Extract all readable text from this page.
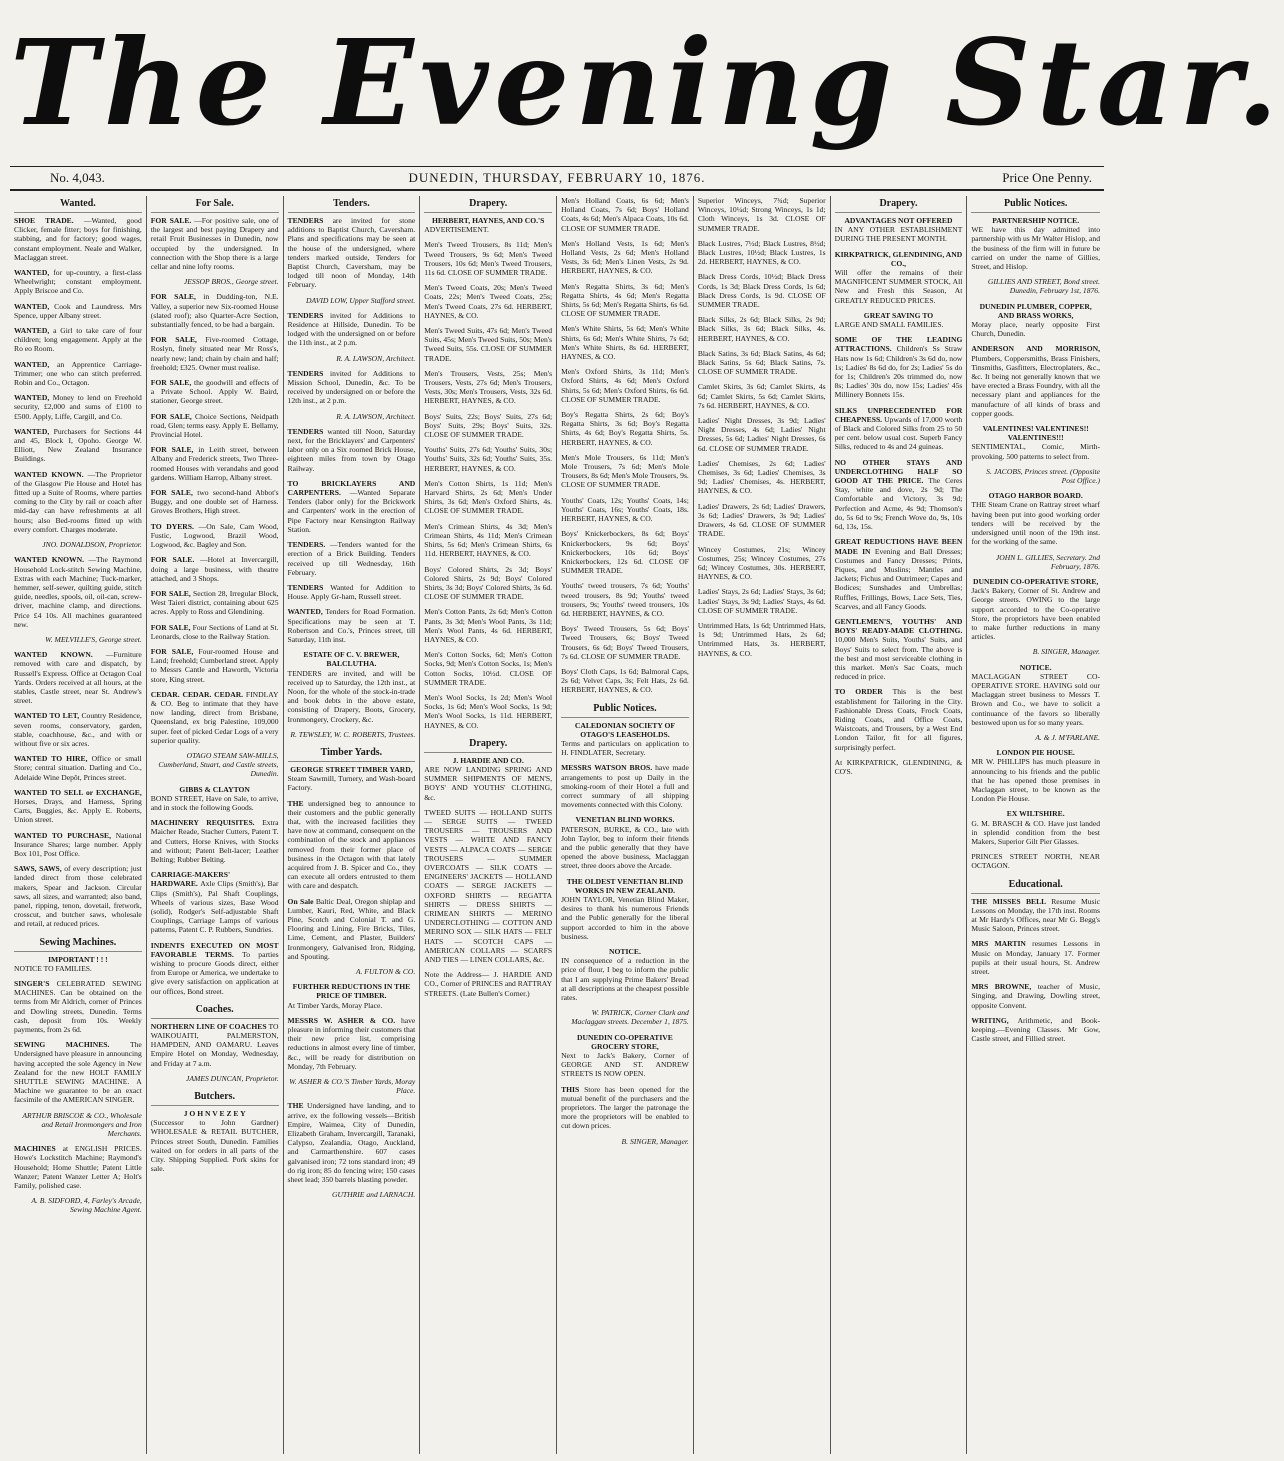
The Evening Star.
No. 4,043.	DUNEDIN, THURSDAY, FEBRUARY 10, 1876.	Price One Penny.
Wanted.
SHOE TRADE. —Wanted, good Clicker, female fitter; boys for finishing, stabbing, and for factory; good wages, constant employment. Neale and Walker, Maclaggan street.
WANTED, for up-country, a first-class Wheelwright; constant employment. Apply Briscoe and Co.
WANTED, Cook and Laundress. Mrs Spence, upper Albany street.
WANTED, a Girl to take care of four children; long engagement. Apply at the Ro eo Room.
WANTED, an Apprentice Carriage-Trimmer; one who can stitch preferred. Robin and Co., Octagon.
WANTED, Money to lend on Freehold security, £2,000 and sums of £100 to £500. Apply, Liffe, Cargill, and Co.
WANTED, Purchasers for Sections 44 and 45, Block I, Opoho. George W. Elliott, New Zealand Insurance Buildings.
WANTED KNOWN. —The Proprietor of the Glasgow Pie House and Hotel has fitted up a Suite of Rooms, where parties coming to the City by rail or coach after mid-day can have refreshments at all hours; also Bed-rooms fitted up with every comfort. Charges moderate.
JNO. DONALDSON, Proprietor.
WANTED KNOWN. —The Raymond Household Lock-stitch Sewing Machine, Extras with each Machine; Tuck-marker, hemmer, self-sewer, quilting guide, stitch guide, needles, spools, oil, oil-can, screw-driver, machine clamp, and directions. Price £4 10s. All machines guaranteed new.
W. MELVILLE'S, George street.
WANTED KNOWN. —Furniture removed with care and dispatch, by Russell's Express. Office at Octagon Coal Yards. Orders received at all hours, at the stables, Castle street, near St. Andrew's street.
WANTED TO LET, Country Residence, seven rooms, conservatory, garden, stable, coachhouse, &c., and with or without five or six acres.
WANTED TO HIRE, Office or small Store; central situation. Darling and Co., Adelaide Wine Depôt, Princes street.
WANTED TO SELL or EXCHANGE, Horses, Drays, and Harness, Spring Carts, Buggies, &c. Apply E. Roberts, Union street.
WANTED TO PURCHASE, National Insurance Shares; large number. Apply Box 101, Post Office.
SAWS, SAWS, of every description; just landed direct from those celebrated makers, Spear and Jackson. Circular saws, all sizes, and warranted; also band, panel, ripping, tenon, dovetail, fretwork, crosscut, and butcher saws, wholesale and retail, at reduced prices.
Sewing Machines.
IMPORTANT ! ! !
NOTICE TO FAMILIES.
SINGER'S CELEBRATED SEWING MACHINES. Can be obtained on the terms from Mr Aldrich, corner of Princes and Dowling streets, Dunedin. Terms cash, deposit from 10s. Weekly payments, from 2s 6d.
SEWING MACHINES. The Undersigned have pleasure in announcing having accepted the sole Agency in New Zealand for the new HOLT FAMILY SHUTTLE SEWING MACHINE. A Machine we guarantee to be an exact facsimile of the AMERICAN SINGER.
ARTHUR BRISCOE & CO., Wholesale and Retail Ironmongers and Iron Merchants.
MACHINES at ENGLISH PRICES. Howe's Lockstitch Machine; Raymond's Household; Home Shuttle; Patent Little Wanzer; Patent Wanzer Letter A; Holt's Family, polished case.
A. B. SIDFORD, 4, Farley's Arcade, Sewing Machine Agent.
For Sale.
FOR SALE. —For positive sale, one of the largest and best paying Drapery and retail Fruit Businesses in Dunedin, now occupied by the undersigned. In connection with the Shop there is a large cellar and nine lofty rooms.
JESSOP BROS., George street.
FOR SALE, in Dudding-ton, N.E. Valley, a superior new Six-roomed House (slated roof); also Quarter-Acre Section, substantially fenced, to be had a bargain.
FOR SALE, Five-roomed Cottage, Roslyn, finely situated near Mr Ross's, nearly new; land; chain by chain and half; freehold; £325. Owner must realise.
FOR SALE, the goodwill and effects of a Private School. Apply W. Baird, stationer, George street.
FOR SALE, Choice Sections, Neidpath road, Glen; terms easy. Apply E. Bellamy, Provincial Hotel.
FOR SALE, in Leith street, between Albany and Frederick streets, Two Three-roomed Houses with verandahs and good gardens. William Harrop, Albany street.
FOR SALE, two second-hand Abbot's Buggy, and one double set of Harness. Groves Brothers, High street.
TO DYERS. —On Sale, Cam Wood, Fustic, Logwood, Brazil Wood, Logwood, &c. Bagley and Son.
FOR SALE. —Hotel at Invercargill, doing a large business, with theatre attached, and 3 Shops.
FOR SALE, Section 28, Irregular Block, West Taieri district, containing about 625 acres. Apply to Ross and Glendining.
FOR SALE, Four Sections of Land at St. Leonards, close to the Railway Station.
FOR SALE, Four-roomed House and Land; freehold; Cumberland street. Apply to Messrs Cantle and Haworth, Victoria store, King street.
CEDAR. CEDAR. CEDAR. FINDLAY & CO. Beg to intimate that they have now landing, direct from Brisbane, Queensland, ex brig Palestine, 109,000 super. feet of picked Cedar Logs of a very superior quality.
OTAGO STEAM SAW-MILLS, Cumberland, Stuart, and Castle streets, Dunedin.
GIBBS & CLAYTON
BOND STREET, Have on Sale, to arrive, and in stock the following Goods.
MACHINERY REQUISITES. Extra Maicher Reade, Stacher Cutters, Patent T. and Cutters, Horse Knives, with Stocks and without; Patent Belt-lacer; Leather Belting; Rubber Belting.
CARRIAGE-MAKERS' HARDWARE. Axle Clips (Smith's), Bar Clips (Smith's), Pal Shaft Couplings, Wheels of various sizes, Base Wood (solid), Rodger's Self-adjustable Shaft Couplings, Carriage Lamps of various patterns, Patent C. P. Rubbers, Sundries.
INDENTS EXECUTED ON MOST FAVORABLE TERMS. To parties wishing to procure Goods direct, either from Europe or America, we undertake to give every satisfaction on application at our offices, Bond street.
Coaches.
NORTHERN LINE OF COACHES TO WAIKOUAITI, PALMERSTON, HAMPDEN, AND OAMARU. Leaves Empire Hotel on Monday, Wednesday, and Friday at 7 a.m.
JAMES DUNCAN, Proprietor.
Butchers.
J O H N V E Z E Y
(Successor to John Gardner) WHOLESALE & RETAIL BUTCHER, Princes street South, Dunedin. Families waited on for orders in all parts of the City. Shipping Supplied. Pork skins for sale.
Tenders.
TENDERS are invited for stone additions to Baptist Church, Caversham. Plans and specifications may be seen at the house of the undersigned, where tenders marked outside, Tenders for Baptist Church, Caversham, may be lodged till noon of Monday, 14th February.
DAVID LOW, Upper Stafford street.
TENDERS invited for Additions to Residence at Hillside, Dunedin. To be lodged with the undersigned on or before the 11th inst., at 2 p.m.
R. A. LAWSON, Architect.
TENDERS invited for Additions to Mission School, Dunedin, &c. To be received by undersigned on or before the 12th inst., at 2 p.m.
R. A. LAWSON, Architect.
TENDERS wanted till Noon, Saturday next, for the Bricklayers' and Carpenters' labor only on a Six roomed Brick House, eighteen miles from town by Otago Railway.
TO BRICKLAYERS AND CARPENTERS. —Wanted Separate Tenders (labor only) for the Brickwork and Carpenters' work in the erection of Pipe Factory near Kensington Railway Station.
TENDERS. —Tenders wanted for the erection of a Brick Building. Tenders received up till Wednesday, 16th February.
TENDERS Wanted for Addition to House. Apply Gr-ham, Russell street.
WANTED, Tenders for Road Formation. Specifications may be seen at T. Robertson and Co.'s, Princes street, till Saturday, 11th inst.
ESTATE OF C. V. BREWER, BALCLUTHA.
TENDERS are invited, and will be received up to Saturday, the 12th inst., at Noon, for the whole of the stock-in-trade and book debts in the above estate, consisting of Drapery, Boots, Grocery, Ironmongery, Crockery, &c.
R. TEWSLEY, W. C. ROBERTS, Trustees.
Timber Yards.
GEORGE STREET TIMBER YARD,
Steam Sawmill, Turnery, and Wash-board Factory.
THE undersigned beg to announce to their customers and the public generally that, with the increased facilities they have now at command, consequent on the combination of the stock and appliances removed from their former place of business in the Octagon with that lately acquired from J. B. Spicer and Co., they can execute all orders entrusted to them with care and despatch.
On Sale Baltic Deal, Oregon shiplap and Lumber, Kauri, Red, White, and Black Pine, Scotch and Colonial T. and G. Flooring and Lining, Fire Bricks, Tiles, Lime, Cement, and Plaster, Builders' Ironmongery, Galvanised Iron, Ridging, and Spouting.
A. FULTON & CO.
FURTHER REDUCTIONS IN THE PRICE OF TIMBER.
At Timber Yards, Moray Place.
MESSRS W. ASHER & CO. have pleasure in informing their customers that their new price list, comprising reductions in almost every line of timber, &c., will be ready for distribution on Monday, 7th February.
W. ASHER & CO.'S Timber Yards, Moray Place.
THE Undersigned have landing, and to arrive, ex the following vessels—British Empire, Waimea, City of Dunedin, Elizabeth Graham, Invercargill, Taranaki, Calypso, Zealandia, Otago, Auckland, and Carmarthenshire. 607 cases galvanised iron; 72 tons standard iron; 49 do rig iron; 85 do fencing wire; 150 cases sheet lead; 350 barrels blasting powder.
GUTHRIE and LARNACH.
Drapery.
HERBERT, HAYNES, AND CO.'S
ADVERTISEMENT.
Men's Tweed Trousers, 8s 11d; Men's Tweed Trousers, 9s 6d; Men's Tweed Trousers, 10s 6d; Men's Tweed Trousers, 11s 6d. CLOSE OF SUMMER TRADE.
Men's Tweed Coats, 20s; Men's Tweed Coats, 22s; Men's Tweed Coats, 25s; Men's Tweed Coats, 27s 6d. HERBERT, HAYNES, & CO.
Men's Tweed Suits, 47s 6d; Men's Tweed Suits, 45s; Men's Tweed Suits, 50s; Men's Tweed Suits, 55s. CLOSE OF SUMMER TRADE.
Men's Trousers, Vests, 25s; Men's Trousers, Vests, 27s 6d; Men's Trousers, Vests, 30s; Men's Trousers, Vests, 32s 6d. HERBERT, HAYNES, & CO.
Boys' Suits, 22s; Boys' Suits, 27s 6d; Boys' Suits, 29s; Boys' Suits, 32s. CLOSE OF SUMMER TRADE.
Youths' Suits, 27s 6d; Youths' Suits, 30s; Youths' Suits, 32s 6d; Youths' Suits, 35s. HERBERT, HAYNES, & CO.
Men's Cotton Shirts, 1s 11d; Men's Harvard Shirts, 2s 6d; Men's Under Shirts, 3s 6d; Men's Oxford Shirts, 4s. CLOSE OF SUMMER TRADE.
Men's Crimean Shirts, 4s 3d; Men's Crimean Shirts, 4s 11d; Men's Crimean Shirts, 5s 6d; Men's Crimean Shirts, 6s 11d. HERBERT, HAYNES, & CO.
Boys' Colored Shirts, 2s 3d; Boys' Colored Shirts, 2s 9d; Boys' Colored Shirts, 3s 3d; Boys' Colored Shirts, 3s 6d. CLOSE OF SUMMER TRADE.
Men's Cotton Pants, 2s 6d; Men's Cotton Pants, 3s 3d; Men's Wool Pants, 3s 11d; Men's Wool Pants, 4s 6d. HERBERT, HAYNES, & CO.
Men's Cotton Socks, 6d; Men's Cotton Socks, 9d; Men's Cotton Socks, 1s; Men's Cotton Socks, 10½d. CLOSE OF SUMMER TRADE.
Men's Wool Socks, 1s 2d; Men's Wool Socks, 1s 6d; Men's Wool Socks, 1s 9d; Men's Wool Socks, 1s 11d. HERBERT, HAYNES, & CO.
Drapery.
J. HARDIE AND CO.
ARE NOW LANDING SPRING AND SUMMER SHIPMENTS OF MEN'S, BOYS' AND YOUTHS' CLOTHING, &c.
TWEED SUITS — HOLLAND SUITS — SERGE SUITS — TWEED TROUSERS — TROUSERS AND VESTS — WHITE AND FANCY VESTS — ALPACA COATS — SERGE TROUSERS — SUMMER OVERCOATS — SILK COATS — ENGINEERS' JACKETS — HOLLAND COATS — SERGE JACKETS — OXFORD SHIRTS — REGATTA SHIRTS — DRESS SHIRTS — CRIMEAN SHIRTS — MERINO UNDERCLOTHING — COTTON AND MERINO SOX — SILK HATS — FELT HATS — SCOTCH CAPS — AMERICAN COLLARS — SCARFS AND TIES — LINEN COLLARS, &c.
Note the Address— J. HARDIE AND CO., Corner of PRINCES and RATTRAY STREETS. (Late Bullen's Corner.)
Men's Holland Coats, 6s 6d; Men's Holland Coats, 7s 6d; Boys' Holland Coats, 4s 6d; Men's Alpaca Coats, 10s 6d. CLOSE OF SUMMER TRADE.
Men's Holland Vests, 1s 6d; Men's Holland Vests, 2s 6d; Men's Holland Vests, 3s 6d; Men's Linen Vests, 2s 9d. HERBERT, HAYNES, & CO.
Men's Regatta Shirts, 3s 6d; Men's Regatta Shirts, 4s 6d; Men's Regatta Shirts, 5s 6d; Men's Regatta Shirts, 6s 6d. CLOSE OF SUMMER TRADE.
Men's White Shirts, 5s 6d; Men's White Shirts, 6s 6d; Men's White Shirts, 7s 6d; Men's White Shirts, 8s 6d. HERBERT, HAYNES, & CO.
Men's Oxford Shirts, 3s 11d; Men's Oxford Shirts, 4s 6d; Men's Oxford Shirts, 5s 6d; Men's Oxford Shirts, 6s 6d. CLOSE OF SUMMER TRADE.
Boy's Regatta Shirts, 2s 6d; Boy's Regatta Shirts, 3s 6d; Boy's Regatta Shirts, 4s 6d; Boy's Regatta Shirts, 5s. HERBERT, HAYNES, & CO.
Men's Mole Trousers, 6s 11d; Men's Mole Trousers, 7s 6d; Men's Mole Trousers, 8s 6d; Men's Mole Trousers, 9s. CLOSE OF SUMMER TRADE.
Youths' Coats, 12s; Youths' Coats, 14s; Youths' Coats, 16s; Youths' Coats, 18s. HERBERT, HAYNES, & CO.
Boys' Knickerbockers, 8s 6d; Boys' Knickerbockers, 9s 6d; Boys' Knickerbockers, 10s 6d; Boys' Knickerbockers, 12s 6d. CLOSE OF SUMMER TRADE.
Youths' tweed trousers, 7s 6d; Youths' tweed trousers, 8s 9d; Youths' tweed trousers, 9s; Youths' tweed trousers, 10s 6d. HERBERT, HAYNES, & CO.
Boys' Tweed Trousers, 5s 6d; Boys' Tweed Trousers, 6s; Boys' Tweed Trousers, 6s 6d; Boys' Tweed Trousers, 7s 6d. CLOSE OF SUMMER TRADE.
Boys' Cloth Caps, 1s 6d; Balmoral Caps, 2s 6d; Velvet Caps, 3s; Felt Hats, 2s 6d. HERBERT, HAYNES, & CO.
Public Notices.
CALEDONIAN SOCIETY OF OTAGO'S LEASEHOLDS.
Terms and particulars on application to H. FINDLATER, Secretary.
MESSRS WATSON BROS. have made arrangements to post up Daily in the smoking-room of their Hotel a full and correct summary of all shipping movements connected with this Colony.
VENETIAN BLIND WORKS.
PATERSON, BURKE, & CO., late with John Taylor, beg to inform their friends and the public generally that they have opened the above business, Maclaggan street, three doors above the Arcade.
THE OLDEST VENETIAN BLIND WORKS IN NEW ZEALAND.
JOHN TAYLOR, Venetian Blind Maker, desires to thank his numerous Friends and the Public generally for the liberal support accorded to him in the above business.
NOTICE.
IN consequence of a reduction in the price of flour, I beg to inform the public that I am supplying Prime Bakers' Bread at all descriptions at the cheapest possible rates.
W. PATRICK, Corner Clark and Maclaggan streets. December 1, 1875.
DUNEDIN CO-OPERATIVE GROCERY STORE,
Next to Jack's Bakery, Corner of GEORGE AND ST. ANDREW STREETS IS NOW OPEN.
THIS Store has been opened for the mutual benefit of the purchasers and the proprietors. The larger the patronage the more the proprietors will be enabled to cut down prices.
B. SINGER, Manager.
Superior Winceys, 7¾d; Superior Winceys, 10¼d; Strong Winceys, 1s 1d; Cloth Winceys, 1s 3d. CLOSE OF SUMMER TRADE.
Black Lustres, 7½d; Black Lustres, 8½d; Black Lustres, 10½d; Black Lustres, 1s 2d. HERBERT, HAYNES, & CO.
Black Dress Cords, 10½d; Black Dress Cords, 1s 3d; Black Dress Cords, 1s 6d; Black Dress Cords, 1s 9d. CLOSE OF SUMMER TRADE.
Black Silks, 2s 6d; Black Silks, 2s 9d; Black Silks, 3s 6d; Black Silks, 4s. HERBERT, HAYNES, & CO.
Black Satins, 3s 6d; Black Satins, 4s 6d; Black Satins, 5s 6d; Black Satins, 7s. CLOSE OF SUMMER TRADE.
Camlet Skirts, 3s 6d; Camlet Skirts, 4s 6d; Camlet Skirts, 5s 6d; Camlet Skirts, 7s 6d. HERBERT, HAYNES, & CO.
Ladies' Night Dresses, 3s 9d; Ladies' Night Dresses, 4s 6d; Ladies' Night Dresses, 5s 6d; Ladies' Night Dresses, 6s 6d. CLOSE OF SUMMER TRADE.
Ladies' Chemises, 2s 6d; Ladies' Chemises, 3s 6d; Ladies' Chemises, 3s 9d; Ladies' Chemises, 4s. HERBERT, HAYNES, & CO.
Ladies' Drawers, 2s 6d; Ladies' Drawers, 3s 6d; Ladies' Drawers, 3s 9d; Ladies' Drawers, 4s 6d. CLOSE OF SUMMER TRADE.
Wincey Costumes, 21s; Wincey Costumes, 25s; Wincey Costumes, 27s 6d; Wincey Costumes, 30s. HERBERT, HAYNES, & CO.
Ladies' Stays, 2s 6d; Ladies' Stays, 3s 6d; Ladies' Stays, 3s 9d; Ladies' Stays, 4s 6d. CLOSE OF SUMMER TRADE.
Untrimmed Hats, 1s 6d; Untrimmed Hats, 1s 9d; Untrimmed Hats, 2s 6d; Untrimmed Hats, 3s. HERBERT, HAYNES, & CO.
Drapery.
ADVANTAGES NOT OFFERED
IN ANY OTHER ESTABLISHMENT DURING THE PRESENT MONTH.
KIRKPATRICK, GLENDINING, AND CO.,
Will offer the remains of their MAGNIFICENT SUMMER STOCK, All New and Fresh this Season, At GREATLY REDUCED PRICES.
GREAT SAVING TO
LARGE AND SMALL FAMILIES.
SOME OF THE LEADING ATTRACTIONS. Children's Ss Straw Hats now 1s 6d; Children's 3s 6d do, now 1s; Ladies' 8s 6d do, for 2s; Ladies' 5s do for 1s; Children's 20s trimmed do, now 8s; Ladies' 30s do, now 15s; Ladies' 45s Millinery Bonnets 15s.
SILKS UNPRECEDENTED FOR CHEAPNESS. Upwards of 17,000 worth of Black and Colored Silks from 25 to 50 per cent. below usual cost. Superb Fancy Silks, reduced to 4s and 24 guineas.
NO OTHER STAYS AND UNDERCLOTHING HALF SO GOOD AT THE PRICE. The Ceres Stay, white and dove, 2s 9d; The Comfortable and Victory, 3s 9d; Perfection and Acme, 4s 9d; Thomson's do, 5s 6d to 9s; French Wove do, 9s, 10s 6d, 13s, 15s.
GREAT REDUCTIONS HAVE BEEN MADE IN Evening and Ball Dresses; Costumes and Fancy Dresses; Prints, Piques, and Muslins; Mantles and Jackets; Fichus and Outrimeer; Capes and Bodices; Sunshades and Umbrellas; Ruffles, Frillings, Bows, Lace Sets, Ties, Scarves, and all Fancy Goods.
GENTLEMEN'S, YOUTHS' AND BOYS' READY-MADE CLOTHING. 10,000 Men's Suits, Youths' Suits, and Boys' Suits to select from. The above is the best and most serviceable clothing in this market. Men's Sac Coats, much reduced in price.
TO ORDER This is the best establishment for Tailoring in the City. Fashionable Dress Coats, Frock Coats, Riding Coats, and Office Coats, Waistcoats, and Trousers, by a West End London Tailor, fit for all figures, surprisingly perfect.
At KIRKPATRICK, GLENDINING, & CO'S.
Public Notices.
PARTNERSHIP NOTICE.
WE have this day admitted into partnership with us Mr Walter Hislop, and the business of the firm will in future be carried on under the name of Gillies, Street, and Hislop.
GILLIES AND STREET, Bond street. Dunedin, February 1st, 1876.
DUNEDIN PLUMBER, COPPER, AND BRASS WORKS,
Moray place, nearly opposite First Church, Dunedin.
ANDERSON AND MORRISON, Plumbers, Coppersmiths, Brass Finishers, Tinsmiths, Gasfitters, Electroplaters, &c., &c. It being not generally known that we have erected a Brass Foundry, with all the necessary plant and appliances for the manufacture of all kinds of brass and copper goods.
VALENTINES! VALENTINES!! VALENTINES!!!
SENTIMENTAL, Comic, Mirth-provoking. 500 patterns to select from.
S. JACOBS, Princes street. (Opposite Post Office.)
OTAGO HARBOR BOARD.
THE Steam Crane on Rattray street wharf having been put into good working order tenders will be received by the undersigned until noon of the 19th inst. for the working of the same.
JOHN L. GILLIES, Secretary. 2nd February, 1876.
DUNEDIN CO-OPERATIVE STORE,
Jack's Bakery, Corner of St. Andrew and George streets. OWING to the large support accorded to the Co-operative Store, the proprietors have been enabled to make further reductions in many articles.
B. SINGER, Manager.
NOTICE.
MACLAGGAN STREET CO-OPERATIVE STORE. HAVING sold our Maclaggan street business to Messrs T. Brown and Co., we have to solicit a continuance of the favors so liberally bestowed upon us for so many years.
A. & J. M'FARLANE.
LONDON PIE HOUSE.
MR W. PHILLIPS has much pleasure in announcing to his friends and the public that he has opened those premises in Maclaggan street, to be known as the London Pie House.
EX WILTSHIRE.
G. M. BRASCH & CO. Have just landed in splendid condition from the best Makers, Superior Gilt Pier Glasses.
PRINCES STREET NORTH, NEAR OCTAGON.
Educational.
THE MISSES BELL Resume Music Lessons on Monday, the 17th inst. Rooms at Mr Hardy's Offices, near Mr G. Begg's Music Saloon, Princes street.
MRS MARTIN resumes Lessons in Music on Monday, January 17. Former pupils at their usual hours, St. Andrew street.
MRS BROWNE, teacher of Music, Singing, and Drawing, Dowling street, opposite Convent.
WRITING, Arithmetic, and Book-keeping.—Evening Classes. Mr Gow, Castle street, and Fillied street.
